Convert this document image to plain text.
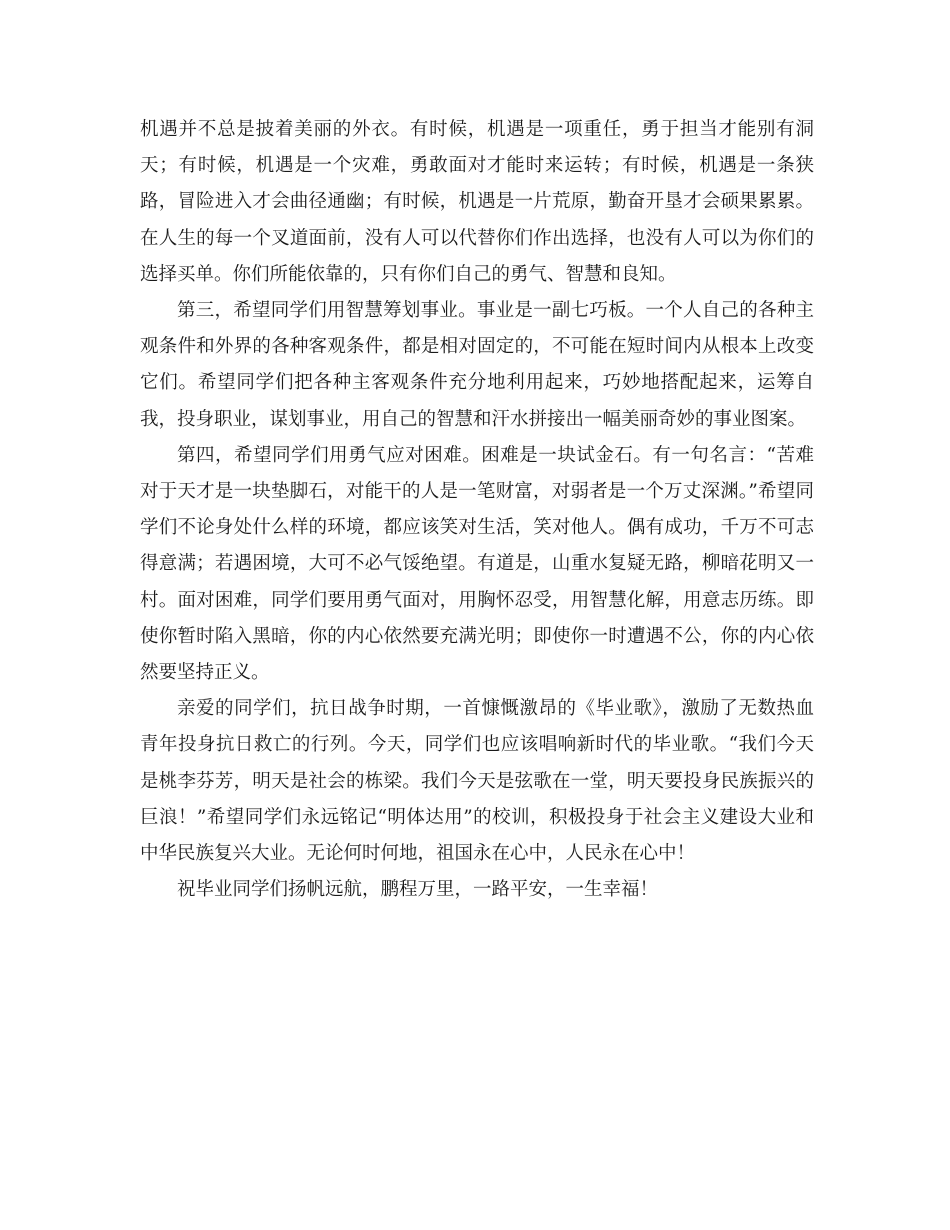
机遇并不总是披着美丽的外衣。有时候，机遇是一项重任，勇于担当才能别有洞天；有时候，机遇是一个灾难，勇敢面对才能时来运转；有时候，机遇是一条狭路，冒险进入才会曲径通幽；有时候，机遇是一片荒原，勤奋开垦才会硕果累累。在人生的每一个叉道面前，没有人可以代替你们作出选择，也没有人可以为你们的选择买单。你们所能依靠的，只有你们自己的勇气、智慧和良知。

第三，希望同学们用智慧筹划事业。事业是一副七巧板。一个人自己的各种主观条件和外界的各种客观条件，都是相对固定的，不可能在短时间内从根本上改变它们。希望同学们把各种主客观条件充分地利用起来，巧妙地搭配起来，运筹自我，投身职业，谋划事业，用自己的智慧和汗水拼接出一幅美丽奇妙的事业图案。

第四，希望同学们用勇气应对困难。困难是一块试金石。有一句名言：“苦难对于天才是一块垫脚石，对能干的人是一笔财富，对弱者是一个万丈深渊。”希望同学们不论身处什么样的环境，都应该笑对生活，笑对他人。偶有成功，千万不可志得意满；若遇困境，大可不必气馁绝望。有道是，山重水复疑无路，柳暗花明又一村。面对困难，同学们要用勇气面对，用胸怀忍受，用智慧化解，用意志历练。即使你暂时陷入黑暗，你的内心依然要充满光明；即使你一时遭遇不公，你的内心依然要坚持正义。

亲爱的同学们，抗日战争时期，一首慷慨激昂的《毕业歌》，激励了无数热血青年投身抗日救亡的行列。今天，同学们也应该唱响新时代的毕业歌。“我们今天是桃李芬芳，明天是社会的栋梁。我们今天是弦歌在一堂，明天要投身民族振兴的巨浪！”希望同学们永远铭记“明体达用”的校训，积极投身于社会主义建设大业和中华民族复兴大业。无论何时何地，祖国永在心中，人民永在心中！

祝毕业同学们扬帆远航，鹏程万里，一路平安，一生幸福！
